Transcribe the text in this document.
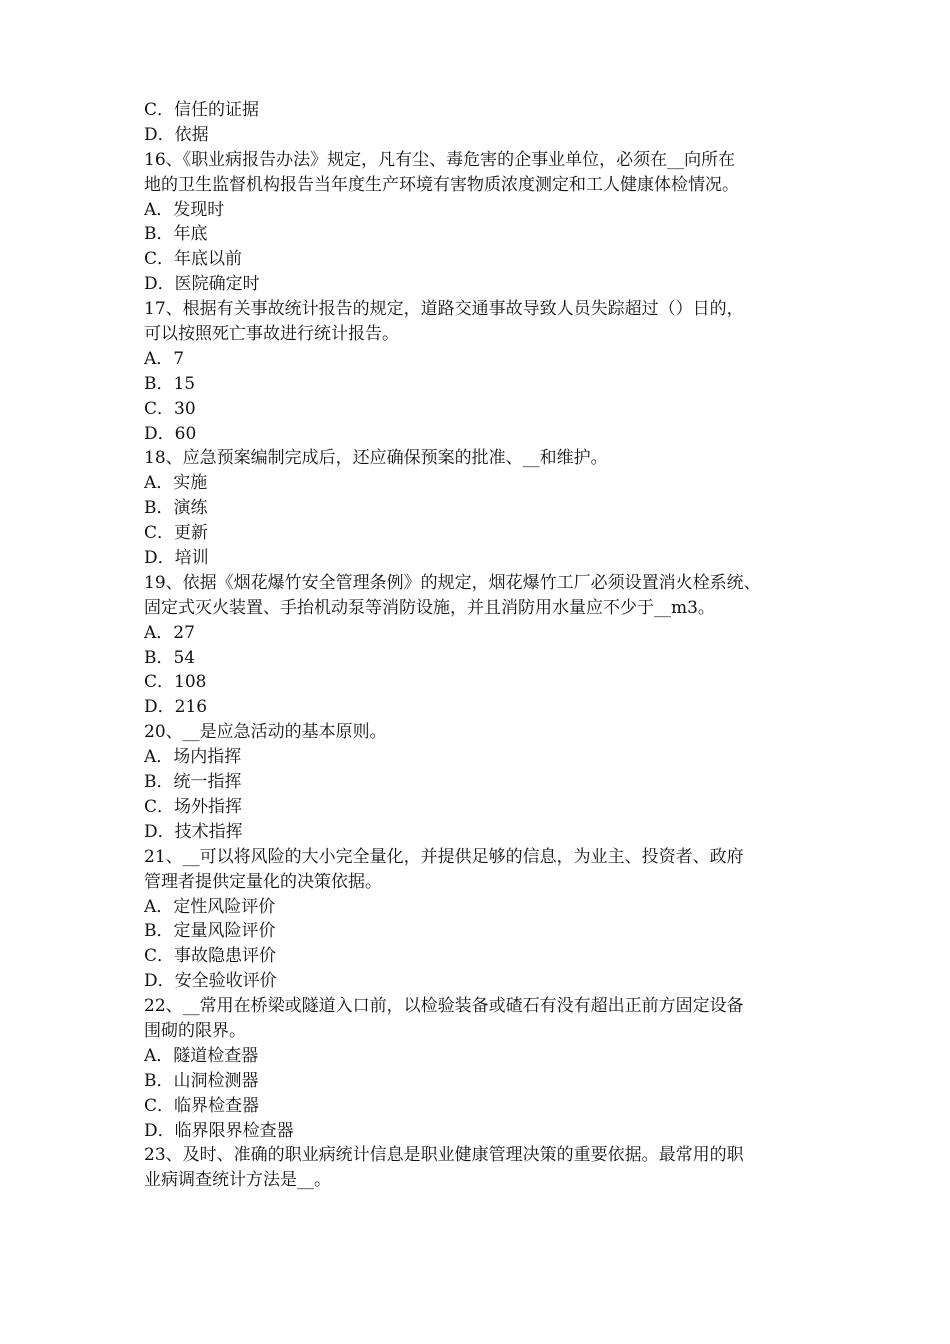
C．信任的证据
D．依据
16、《职业病报告办法》规定，凡有尘、毒危害的企事业单位，必须在__向所在
地的卫生监督机构报告当年度生产环境有害物质浓度测定和工人健康体检情况。
A．发现时
B．年底
C．年底以前
D．医院确定时
17、根据有关事故统计报告的规定，道路交通事故导致人员失踪超过（）日的，
可以按照死亡事故进行统计报告。
A．7
B．15
C．30
D．60
18、应急预案编制完成后，还应确保预案的批准、__和维护。
A．实施
B．演练
C．更新
D．培训
19、依据《烟花爆竹安全管理条例》的规定，烟花爆竹工厂必须设置消火栓系统、
固定式灭火装置、手抬机动泵等消防设施，并且消防用水量应不少于__m3。
A．27
B．54
C．108
D．216
20、__是应急活动的基本原则。
A．场内指挥
B．统一指挥
C．场外指挥
D．技术指挥
21、__可以将风险的大小完全量化，并提供足够的信息，为业主、投资者、政府
管理者提供定量化的决策依据。
A．定性风险评价
B．定量风险评价
C．事故隐患评价
D．安全验收评价
22、__常用在桥梁或隧道入口前，以检验装备或碴石有没有超出正前方固定设备
围砌的限界。
A．隧道检查器
B．山洞检测器
C．临界检查器
D．临界限界检查器
23、及时、准确的职业病统计信息是职业健康管理决策的重要依据。最常用的职
业病调查统计方法是__。
